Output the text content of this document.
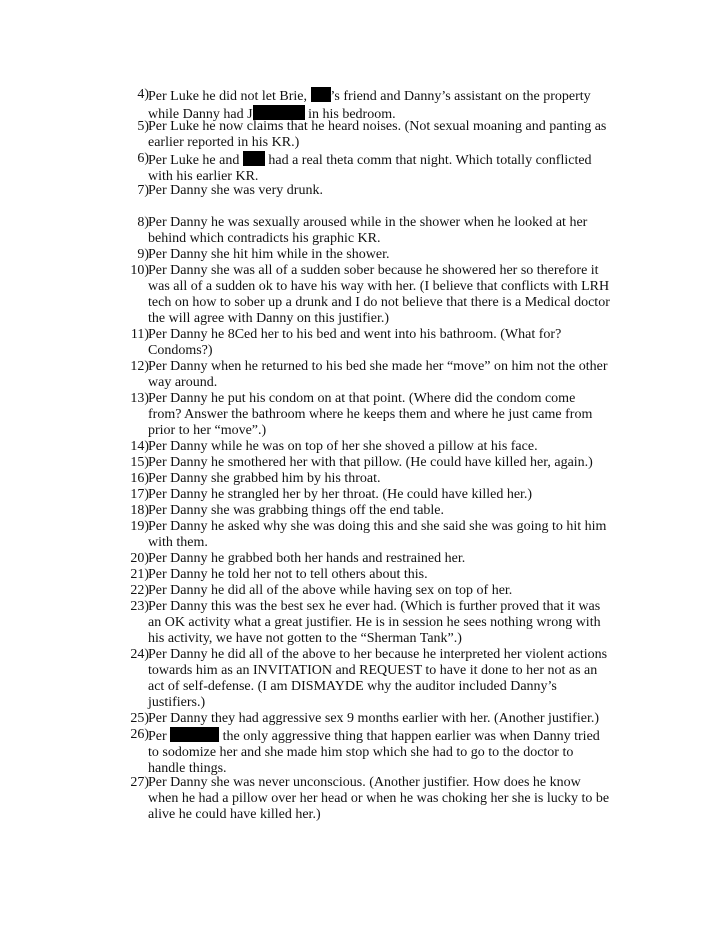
4) Per Luke he did not let Brie, ’s friend and Danny’s assistant on the property
while Danny had J	in his bedroom.
5) Per Luke he now claims that he heard noises. (Not sexual moaning and panting as
earlier reported in his KR.)
6) Per Luke he and  had a real theta comm that night. Which totally conflicted
with his earlier KR.
7) Per Danny she was very drunk.
8) Per Danny he was sexually aroused while in the shower when he looked at her
behind which contradicts his graphic KR.
9) Per Danny she hit him while in the shower.
10) Per Danny she was all of a sudden sober because he showered her so therefore it
was all of a sudden ok to have his way with her. (I believe that conflicts with LRH
tech on how to sober up a drunk and I do not believe that there is a Medical doctor
the will agree with Danny on this justifier.)
11) Per Danny he 8Ced her to his bed and went into his bathroom. (What for?
Condoms?)
12) Per Danny when he returned to his bed she made her “move” on him not the other
way around.
13) Per Danny he put his condom on at that point. (Where did the condom come
from? Answer the bathroom where he keeps them and where he just came from
prior to her “move”.)
14) Per Danny while he was on top of her she shoved a pillow at his face.
15) Per Danny he smothered her with that pillow. (He could have killed her, again.)
16) Per Danny she grabbed him by his throat.
17) Per Danny he strangled her by her throat. (He could have killed her.)
18) Per Danny she was grabbing things off the end table.
19) Per Danny he asked why she was doing this and she said she was going to hit him
with them.
20) Per Danny he grabbed both her hands and restrained her.
21) Per Danny he told her not to tell others about this.
22) Per Danny he did all of the above while having sex on top of her.
23) Per Danny this was the best sex he ever had. (Which is further proved that it was
an OK activity what a great justifier. He is in session he sees nothing wrong with
his activity, we have not gotten to the “Sherman Tank”.)
24) Per Danny he did all of the above to her because he interpreted her violent actions
towards him as an INVITATION and REQUEST to have it done to her not as an
act of self-defense. (I am DISMAYDE why the auditor included Danny’s
justifiers.)
25) Per Danny they had aggressive sex 9 months earlier with her. (Another justifier.)
26) Per	the only aggressive thing that happen earlier was when Danny tried
to sodomize her and she made him stop which she had to go to the doctor to
handle things.
27) Per Danny she was never unconscious. (Another justifier. How does he know
when he had a pillow over her head or when he was choking her she is lucky to be
alive he could have killed her.)
